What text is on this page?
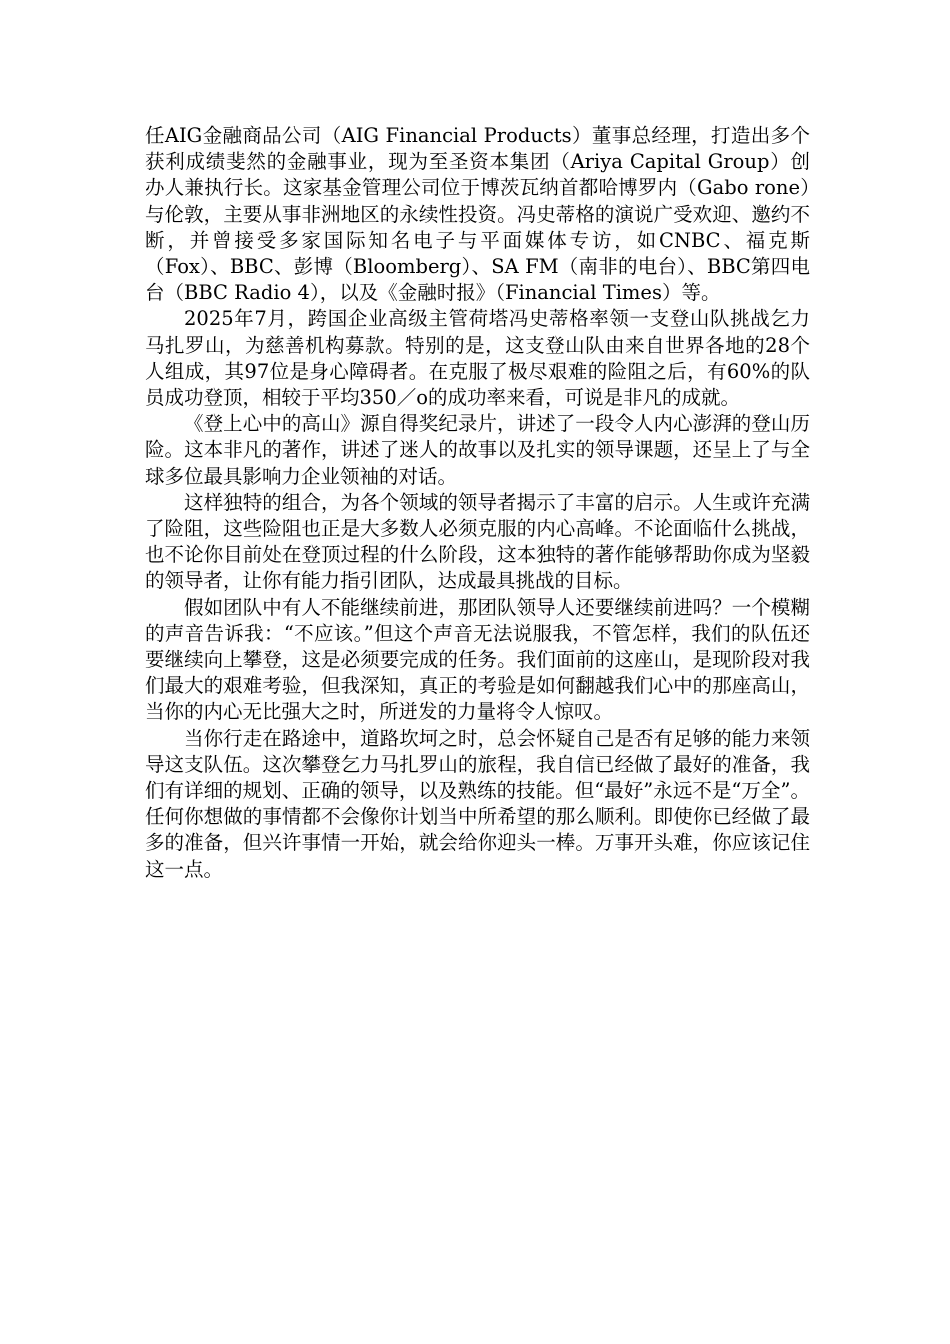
任AIG金融商品公司（AIG Financial Products）董事总经理，打造出多个获利成绩斐然的金融事业，现为至圣资本集团（Ariya Capital Group）创办人兼执行长。这家基金管理公司位于博茨瓦纳首都哈博罗内（Gabo rone）与伦敦，主要从事非洲地区的永续性投资。冯史蒂格的演说广受欢迎、邀约不断，并曾接受多家国际知名电子与平面媒体专访，如CNBC、福克斯（Fox）、BBC、彭博（Bloomberg）、SA FM（南非的电台）、BBC第四电台（BBC Radio 4），以及《金融时报》（Financial Times）等。

2025年7月，跨国企业高级主管荷塔冯史蒂格率领一支登山队挑战乞力马扎罗山，为慈善机构募款。特别的是，这支登山队由来自世界各地的28个人组成，其97位是身心障碍者。在克服了极尽艰难的险阻之后，有60%的队员成功登顶，相较于平均350／o的成功率来看，可说是非凡的成就。

《登上心中的高山》源自得奖纪录片，讲述了一段令人内心澎湃的登山历险。这本非凡的著作，讲述了迷人的故事以及扎实的领导课题，还呈上了与全球多位最具影响力企业领袖的对话。

这样独特的组合，为各个领域的领导者揭示了丰富的启示。人生或许充满了险阻，这些险阻也正是大多数人必须克服的内心高峰。不论面临什么挑战，也不论你目前处在登顶过程的什么阶段，这本独特的著作能够帮助你成为坚毅的领导者，让你有能力指引团队，达成最具挑战的目标。

假如团队中有人不能继续前进，那团队领导人还要继续前进吗？一个模糊的声音告诉我：“不应该。”但这个声音无法说服我，不管怎样，我们的队伍还要继续向上攀登，这是必须要完成的任务。我们面前的这座山，是现阶段对我们最大的艰难考验，但我深知，真正的考验是如何翻越我们心中的那座高山，当你的内心无比强大之时，所迸发的力量将令人惊叹。

当你行走在路途中，道路坎坷之时，总会怀疑自己是否有足够的能力来领导这支队伍。这次攀登乞力马扎罗山的旅程，我自信已经做了最好的准备，我们有详细的规划、正确的领导，以及熟练的技能。但“最好”永远不是“万全”。任何你想做的事情都不会像你计划当中所希望的那么顺利。即使你已经做了最多的准备，但兴许事情一开始，就会给你迎头一棒。万事开头难，你应该记住这一点。
